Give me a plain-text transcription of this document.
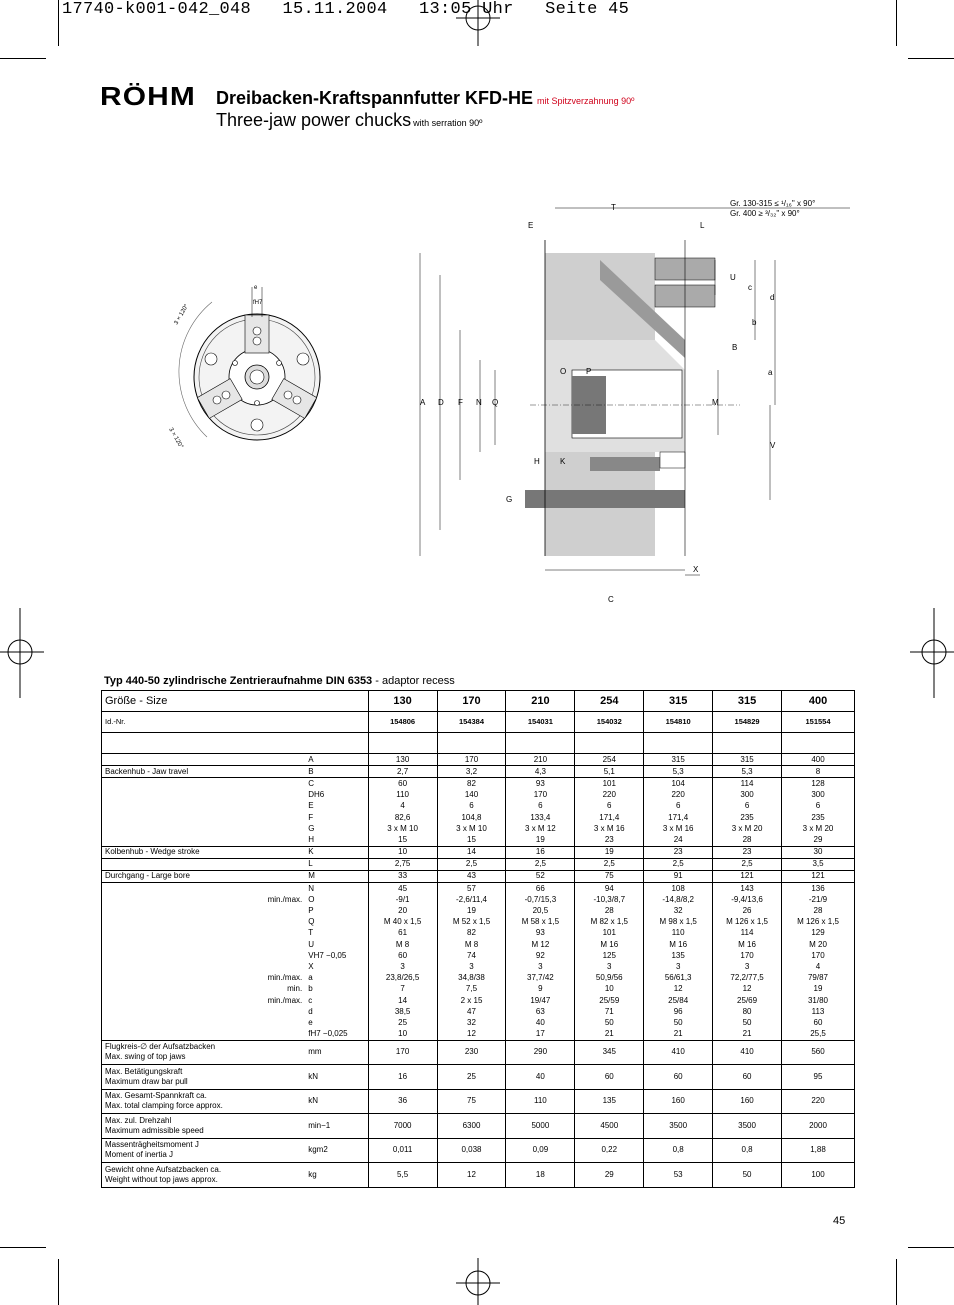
17740-k001-042_048   15.11.2004   13:05 Uhr   Seite 45
RÖHM Dreibacken-Kraftspannfutter KFD-HE mit Spitzverzahnung 90º
Three-jaw power chucks with serration 90º
e
fH7
3 × 120°
3 × 120°
Gr. 130-315 ≤ ¹/₁₆" x 90°
Gr. 400 ≥ ³/₃₂" x 90°
T
E	L
U
c
d
b
B
a
M
V
A D F N Q
O P
H	K
G
X
C
Typ 440-50 zylindrische Zentrieraufnahme DIN 6353 - adaptor recess
Größe - Size			130	170	210	254	315	315	400
Id.-Nr.			154806	154384	154031	154032	154810	154829	151554

		A	130	170	210	254	315	315	400
Backenhub - Jaw travel		B	2,7	3,2	4,3	5,1	5,3	5,3	8
		C	60	82	93	101	104	114	128
		DH6	110	140	170	220	220	300	300
		E	4	6	6	6	6	6	6
		F	82,6	104,8	133,4	171,4	171,4	235	235
		G	3 x M 10	3 x M 10	3 x M 12	3 x M 16	3 x M 16	3 x M 20	3 x M 20
		H	15	15	19	23	24	28	29
Kolbenhub - Wedge stroke		K	10	14	16	19	23	23	30
		L	2,75	2,5	2,5	2,5	2,5	2,5	3,5
Durchgang - Large bore		M	33	43	52	75	91	121	121
		N	45	57	66	94	108	143	136
	min./max.	O	-9/1	-2,6/11,4	-0,7/15,3	-10,3/8,7	-14,8/8,2	-9,4/13,6	-21/9
		P	20	19	20,5	28	32	26	28
		Q	M 40 x 1,5	M 52 x 1,5	M 58 x 1,5	M 82 x 1,5	M 98 x 1,5	M 126 x 1,5	M 126 x 1,5
		T	61	82	93	101	110	114	129
		U	M 8	M 8	M 12	M 16	M 16	M 16	M 20
		VH7 −0,05	60	74	92	125	135	170	170
		X	3	3	3	3	3	3	4
	min./max.	a	23,8/26,5	34,8/38	37,7/42	50,9/56	56/61,3	72,2/77,5	79/87
	min.	b	7	7,5	9	10	12	12	19
	min./max.	c	14	2 x 15	19/47	25/59	25/84	25/69	31/80
		d	38,5	47	63	71	96	80	113
		e	25	32	40	50	50	50	60
		fH7 −0,025	10	12	17	21	21	21	25,5

Flugkreis-∅ der Aufsatzbacken
Max. swing of top jaws		mm	170	230	290	345	410	410	560

Max. Betätigungskraft
Maximum draw bar pull		kN	16	25	40	60	60	60	95

Max. Gesamt-Spannkraft ca.
Max. total clamping force approx.		kN	36	75	110	135	160	160	220

Max. zul. Drehzahl
Maximum admissible speed		min−1	7000	6300	5000	4500	3500	3500	2000

Massenträgheitsmoment J
Moment of inertia J		kgm2	0,011	0,038	0,09	0,22	0,8	0,8	1,88

Gewicht ohne Aufsatzbacken ca.
Weight without top jaws approx.		kg	5,5	12	18	29	53	50	100
45
